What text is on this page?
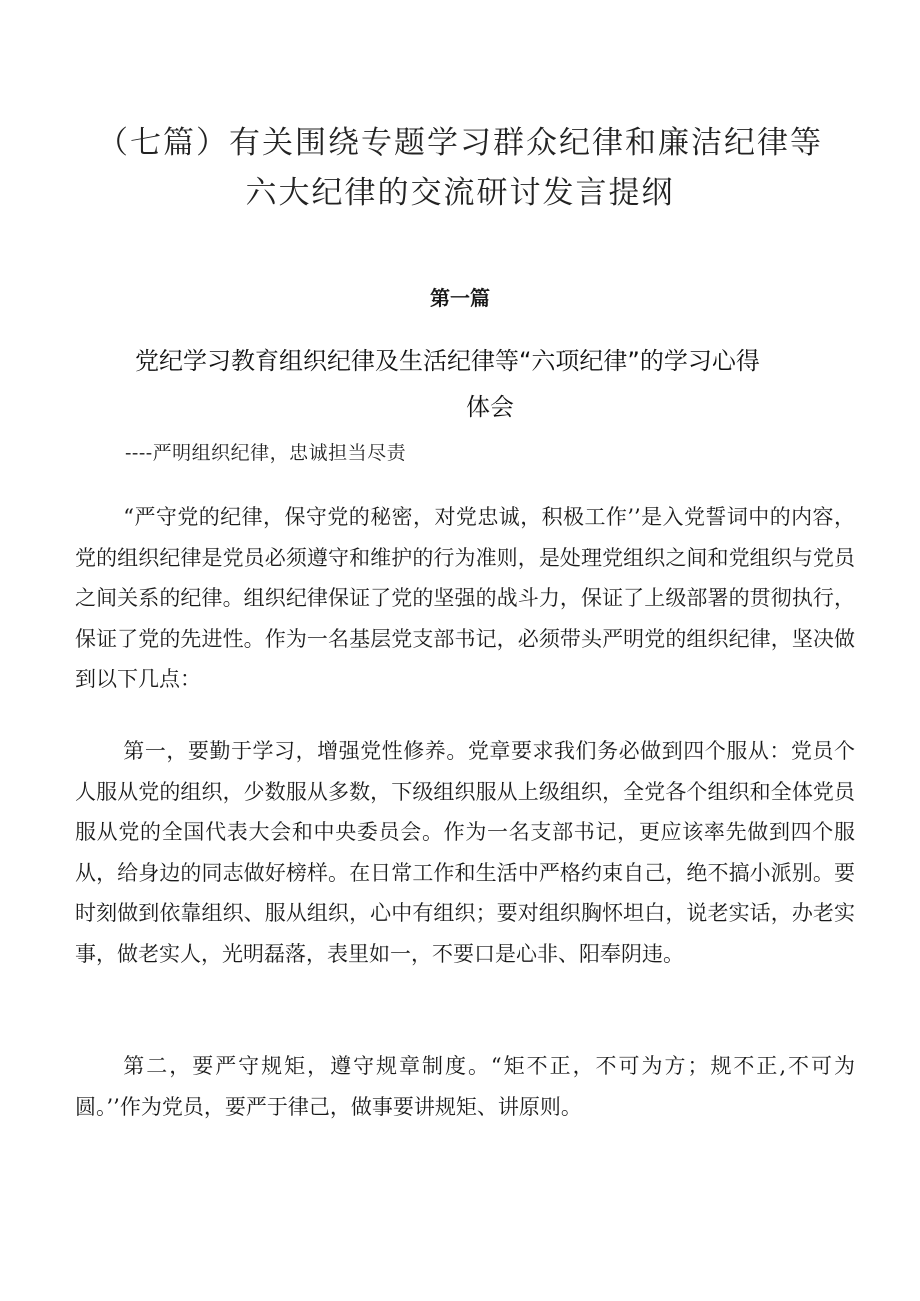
（七篇）有关围绕专题学习群众纪律和廉洁纪律等
六大纪律的交流研讨发言提纲
第一篇
党纪学习教育组织纪律及生活纪律等“六项纪律”的学习心得
体会

----严明组织纪律，忠诚担当尽责

“严守党的纪律，保守党的秘密，对党忠诚，积极工作’’是入党誓词中的内容，党的组织纪律是党员必须遵守和维护的行为准则，是处理党组织之间和党组织与党员之间关系的纪律。组织纪律保证了党的坚强的战斗力，保证了上级部署的贯彻执行，保证了党的先进性。作为一名基层党支部书记，必须带头严明党的组织纪律，坚决做到以下几点：

第一，要勤于学习，增强党性修养。党章要求我们务必做到四个服从：党员个人服从党的组织，少数服从多数，下级组织服从上级组织，全党各个组织和全体党员服从党的全国代表大会和中央委员会。作为一名支部书记，更应该率先做到四个服从，给身边的同志做好榜样。在日常工作和生活中严格约束自己，绝不搞小派别。要时刻做到依靠组织、服从组织，心中有组织；要对组织胸怀坦白，说老实话，办老实事，做老实人，光明磊落，表里如一，不要口是心非、阳奉阴违。

第二，要严守规矩，遵守规章制度。“矩不正，不可为方；规不正,不可为圆。’’作为党员，要严于律己，做事要讲规矩、讲原则。
